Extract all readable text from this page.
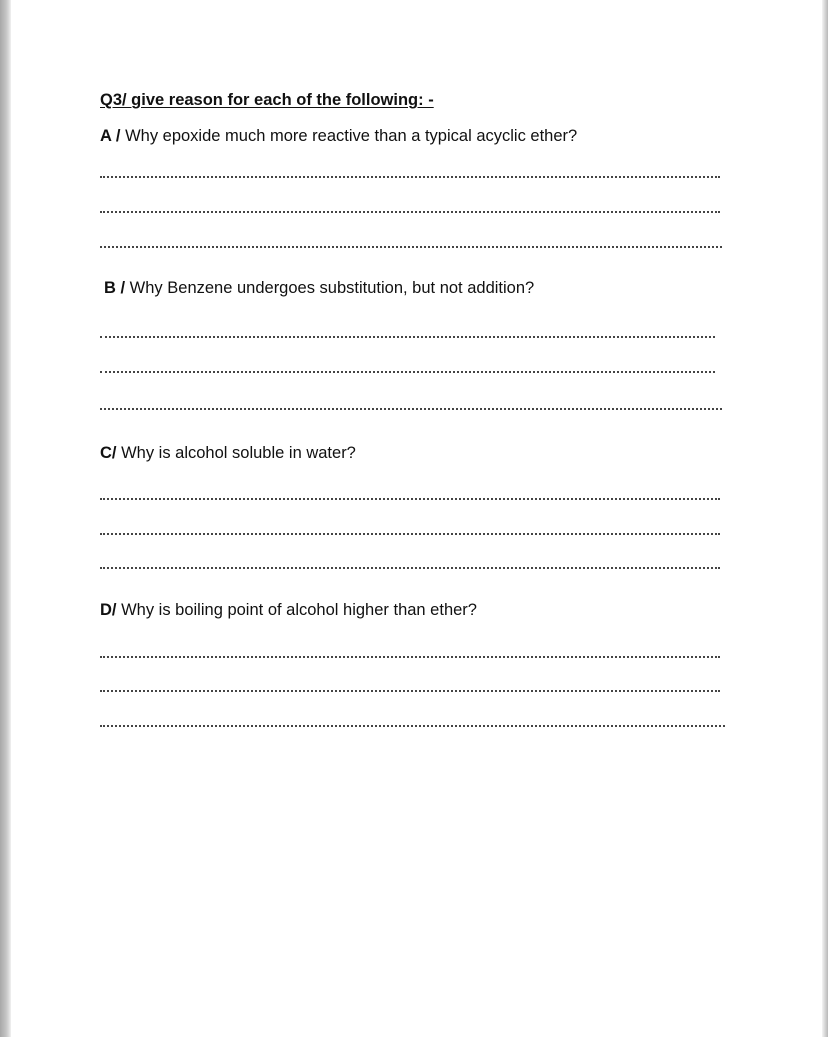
Q3/ give reason for each of the following: -

A / Why epoxide much more reactive than a typical acyclic ether?

B / Why Benzene undergoes substitution, but not addition?

C/ Why is alcohol soluble in water?

D/ Why is boiling point of alcohol higher than ether?
